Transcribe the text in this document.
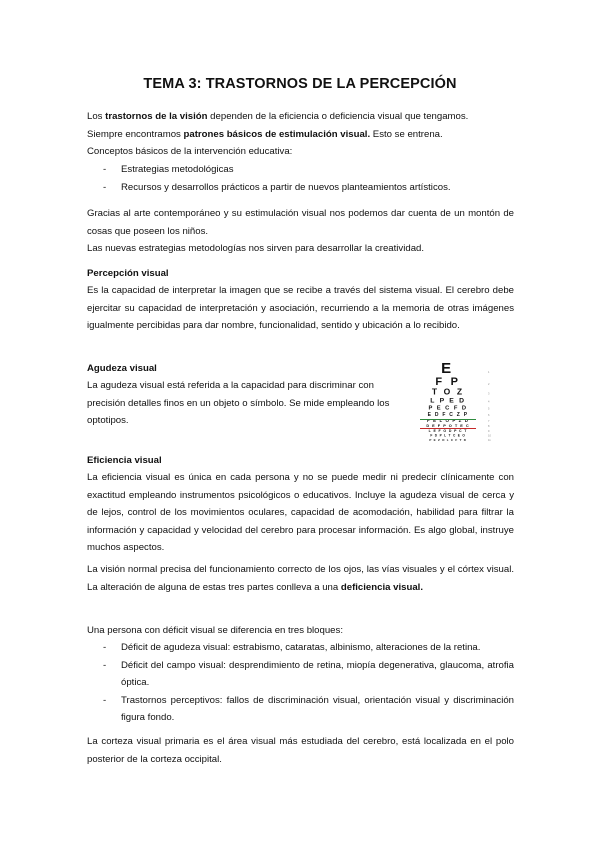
TEMA 3: TRASTORNOS DE LA PERCEPCIÓN

Los trastornos de la visión dependen de la eficiencia o deficiencia visual que tengamos.
Siempre encontramos patrones básicos de estimulación visual. Esto se entrena.
Conceptos básicos de la intervención educativa:

- Estrategias metodológicas
- Recursos y desarrollos prácticos a partir de nuevos planteamientos artísticos.

Gracias al arte contemporáneo y su estimulación visual nos podemos dar cuenta de un montón de cosas que poseen los niños.

Las nuevas estrategias metodologías nos sirven para desarrollar la creatividad.

Percepción visual

Es la capacidad de interpretar la imagen que se recibe a través del sistema visual. El cerebro debe ejercitar su capacidad de interpretación y asociación, recurriendo a la memoria de otras imágenes igualmente percibidas para dar nombre, funcionalidad, sentido y ubicación a lo recibido.

Agudeza visual

La agudeza visual está referida a la capacidad para discriminar con precisión detalles finos en un objeto o símbolo. Se mide empleando los optotipos.

E
F P
T O Z
L P E D
P E C F D
E D F C Z P
F E L O P Z D
D E F P O T E C
L E F O D P C T
F D P L T C E O
P E Z O L C F T D
1
2
3
4
5
6
7
8
9
10
11

Eficiencia visual

La eficiencia visual es única en cada persona y no se puede medir ni predecir clínicamente con exactitud empleando instrumentos psicológicos o educativos. Incluye la agudeza visual de cerca y de lejos, control de los movimientos oculares, capacidad de acomodación, habilidad para filtrar la información y capacidad y velocidad del cerebro para procesar información. Es algo global, instruye muchos aspectos.

La visión normal precisa del funcionamiento correcto de los ojos, las vías visuales y el córtex visual. La alteración de alguna de estas tres partes conlleva a una deficiencia visual.

Una persona con déficit visual se diferencia en tres bloques:

- Déficit de agudeza visual: estrabismo, cataratas, albinismo, alteraciones de la retina.
- Déficit del campo visual: desprendimiento de retina, miopía degenerativa, glaucoma, atrofia óptica.
- Trastornos perceptivos: fallos de discriminación visual, orientación visual y discriminación figura fondo.

La corteza visual primaria es el área visual más estudiada del cerebro, está localizada en el polo posterior de la corteza occipital.
